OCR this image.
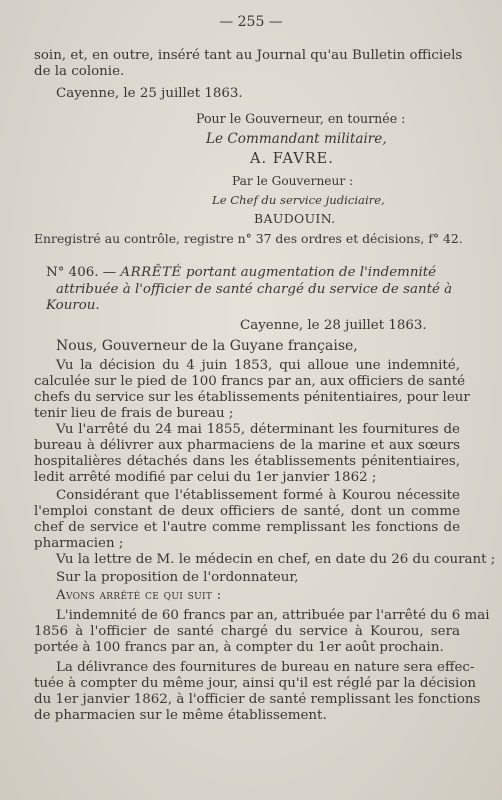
— 255 —
soin, et, en outre, inséré tant au Journal qu'au Bulletin officiels
de la colonie.
Cayenne, le 25 juillet 1863.
Pour le Gouverneur, en tournée :
Le Commandant militaire,
A. FAVRE.
Par le Gouverneur :
Le Chef du service judiciaire,
BAUDOUIN.
Enregistré au contrôle, registre n° 37 des ordres et décisions, f° 42.
N° 406. — ARRÊTÉ portant augmentation de l'indemnité
attribuée à l'officier de santé chargé du service de santé à
Kourou.
Cayenne, le 28 juillet 1863.
Nous, Gouverneur de la Guyane française,
Vu la décision du 4 juin 1853, qui alloue une indemnité,
calculée sur le pied de 100 francs par an, aux officiers de santé
chefs du service sur les établissements pénitentiaires, pour leur
tenir lieu de frais de bureau ;
Vu l'arrêté du 24 mai 1855, déterminant les fournitures de
bureau à délivrer aux pharmaciens de la marine et aux sœurs
hospitalières détachés dans les établissements pénitentiaires,
ledit arrêté modifié par celui du 1er janvier 1862 ;
Considérant que l'établissement formé à Kourou nécessite
l'emploi constant de deux officiers de santé, dont un comme
chef de service et l'autre comme remplissant les fonctions de
pharmacien ;
Vu la lettre de M. le médecin en chef, en date du 26 du courant ;
Sur la proposition de l'ordonnateur,
Avons arrêté ce qui suit :
L'indemnité de 60 francs par an, attribuée par l'arrêté du 6 mai
1856 à l'officier de santé chargé du service à Kourou, sera
portée à 100 francs par an, à compter du 1er août prochain.
La délivrance des fournitures de bureau en nature sera effec-
tuée à compter du même jour, ainsi qu'il est réglé par la décision
du 1er janvier 1862, à l'officier de santé remplissant les fonctions
de pharmacien sur le même établissement.
